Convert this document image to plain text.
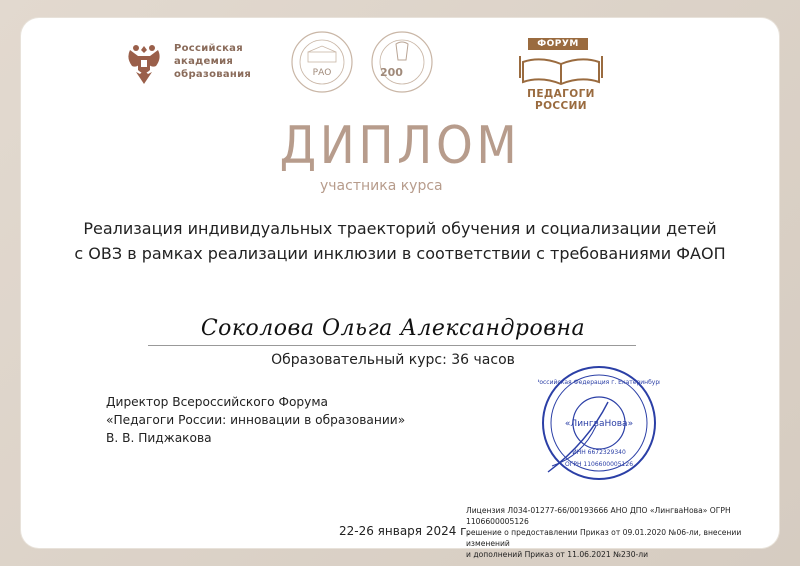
Российская
академия
образования	РАО	200
ФОРУМ
ПЕДАГОГИ РОССИИ
ДИПЛОМ
участника курса
Реализация индивидуальных траекторий обучения и социализации детей
с ОВЗ в рамках реализации инклюзии в соответствии с требованиями ФАОП
Соколова Ольга Александровна
Образовательный курс: 36 часов
Директор Всероссийского Форума
«Педагоги России: инновации в образовании»
В. В. Пиджакова
«ЛингваНова»
Российская Федерация г. Екатеринбург
ИНН 6672329340
ОГРН 1106600005126
Лицензия Л034-01277-66/00193666 АНО ДПО «ЛингваНова» ОГРН 1106600005126
решение о предоставлении Приказ от 09.01.2020 №06-ли, внесении изменений
и дополнений Приказ от 11.06.2021 №230-ли
22-26 января 2024 г.
